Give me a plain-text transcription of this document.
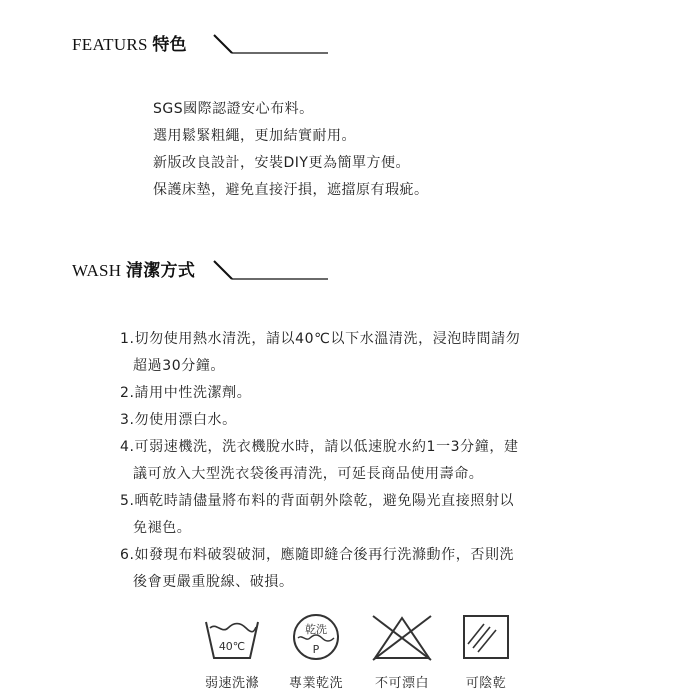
FEATURS 特色
SGS國際認證安心布料。
選用鬆緊粗繩，更加結實耐用。
新版改良設計，安裝DIY更為簡單方便。
保護床墊，避免直接汙損，遮擋原有瑕疵。
WASH 清潔方式
1.切勿使用熱水清洗，請以40℃以下水溫清洗，浸泡時間請勿
超過30分鐘。
2.請用中性洗潔劑。
3.勿使用漂白水。
4.可弱速機洗，洗衣機脫水時，請以低速脫水約1一3分鐘，建
議可放入大型洗衣袋後再清洗，可延長商品使用壽命。
5.晒乾時請儘量將布料的背面朝外陰乾，避免陽光直接照射以
免褪色。
6.如發現布料破裂破洞，應隨即縫合後再行洗滌動作，否則洗
後會更嚴重脫線、破損。
40℃
弱速洗滌
乾洗
P
專業乾洗	不可漂白	可陰乾
